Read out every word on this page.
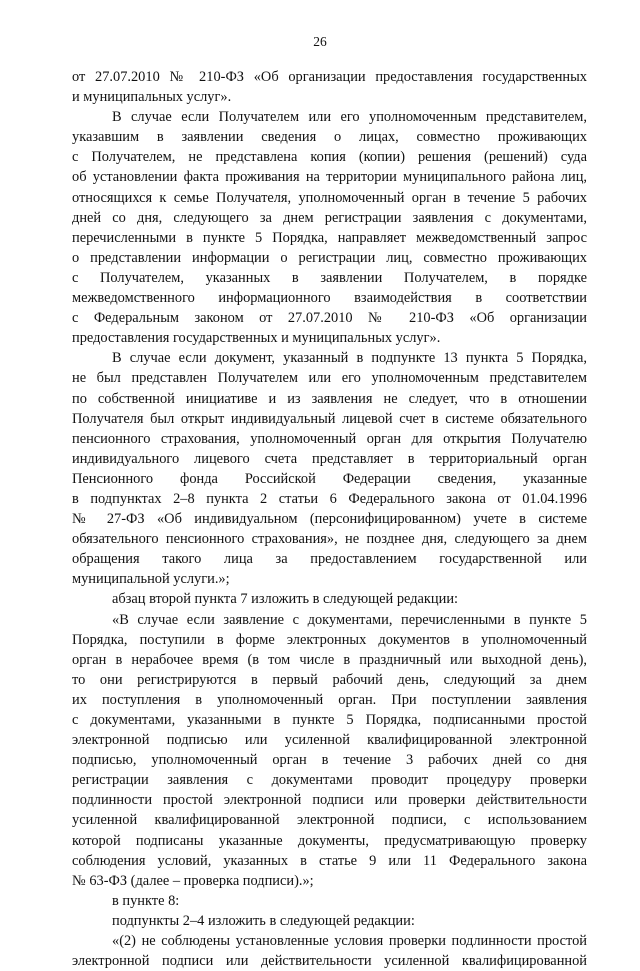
26
от 27.07.2010 № 210-ФЗ «Об организации предоставления государственных
и муниципальных услуг».
В случае если Получателем или его уполномоченным представителем,
указавшим в заявлении сведения о лицах, совместно проживающих
с Получателем, не представлена копия (копии) решения (решений) суда
об установлении факта проживания на территории муниципального района лиц,
относящихся к семье Получателя, уполномоченный орган в течение 5 рабочих
дней со дня, следующего за днем регистрации заявления с документами,
перечисленными в пункте 5 Порядка, направляет межведомственный запрос
о представлении информации о регистрации лиц, совместно проживающих
с Получателем, указанных в заявлении Получателем, в порядке
межведомственного информационного взаимодействия в соответствии
с Федеральным законом от 27.07.2010 № 210-ФЗ «Об организации
предоставления государственных и муниципальных услуг».
В случае если документ, указанный в подпункте 13 пункта 5 Порядка,
не был представлен Получателем или его уполномоченным представителем
по собственной инициативе и из заявления не следует, что в отношении
Получателя был открыт индивидуальный лицевой счет в системе обязательного
пенсионного страхования, уполномоченный орган для открытия Получателю
индивидуального лицевого счета представляет в территориальный орган
Пенсионного фонда Российской Федерации сведения, указанные
в подпунктах 2–8 пункта 2 статьи 6 Федерального закона от 01.04.1996
№ 27-ФЗ «Об индивидуальном (персонифицированном) учете в системе
обязательного пенсионного страхования», не позднее дня, следующего за днем
обращения такого лица за предоставлением государственной или
муниципальной услуги.»;
абзац второй пункта 7 изложить в следующей редакции:
«В случае если заявление с документами, перечисленными в пункте 5
Порядка, поступили в форме электронных документов в уполномоченный
орган в нерабочее время (в том числе в праздничный или выходной день),
то они регистрируются в первый рабочий день, следующий за днем
их поступления в уполномоченный орган. При поступлении заявления
с документами, указанными в пункте 5 Порядка, подписанными простой
электронной подписью или усиленной квалифицированной электронной
подписью, уполномоченный орган в течение 3 рабочих дней со дня
регистрации заявления с документами проводит процедуру проверки
подлинности простой электронной подписи или проверки действительности
усиленной квалифицированной электронной подписи, с использованием
которой подписаны указанные документы, предусматривающую проверку
соблюдения условий, указанных в статье 9 или 11 Федерального закона
№ 63-ФЗ (далее – проверка подписи).»;
в пункте 8:
подпункты 2–4 изложить в следующей редакции:
«(2) не соблюдены установленные условия проверки подлинности простой
электронной подписи или действительности усиленной квалифицированной
